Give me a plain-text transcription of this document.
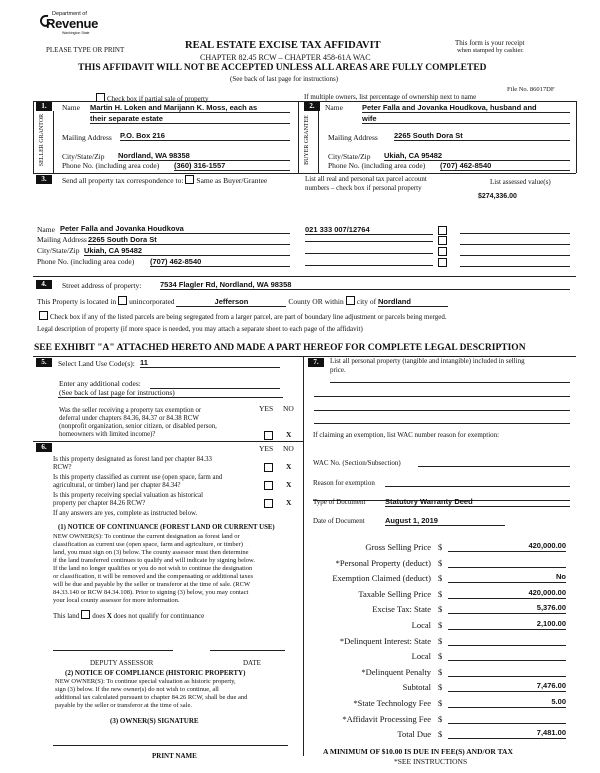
Department of
Revenue
Washington State
PLEASE TYPE OR PRINT	REAL ESTATE EXCISE TAX AFFIDAVIT
CHAPTER 82.45 RCW – CHAPTER 458-61A WAC
THIS AFFIDAVIT WILL NOT BE ACCEPTED UNLESS ALL AREAS ARE FULLY COMPLETED
(See back of last page for instructions)
This form is your receipt
when stamped by cashier.
File No. 86017DF
Check box if partial sale of property	If multiple owners, list percentage of ownership next to name
1.
SELLER GRANTOR
Name Martin H. Loken and Marijann K. Moss, each as
their separate estate
Mailing Address P.O. Box 216
City/State/Zip Nordland, WA 98358
Phone No. (including area code) (360) 316-1557
2.
BUYER GRANTEE
Name	Peter Falla and Jovanka Houdkova, husband and
wife
Mailing Address 2265 South Dora St
City/State/Zip Ukiah, CA 95482
Phone No. (including area code) (707) 462-8540
3.	Send all property tax correspondence to: Same as Buyer/Grantee
Name Peter Falla and Jovanka Houdkova
Mailing Address 2265 South Dora St
City/State/Zip Ukiah, CA 95482
Phone No. (including area code) (707) 462-8540
List all real and personal tax parcel account
numbers – check box if personal property
List assessed value(s)
$274,336.00
021 333 007/12764
4.	Street address of property: 7534 Flagler Rd, Nordland, WA 98358
This Property is located in unincorporated	Jefferson	County OR within city of Nordland
Check box if any of the listed parcels are being segregated from a larger parcel, are part of boundary line adjustment or parcels being merged.
Legal description of property (if more space is needed, you may attach a separate sheet to each page of the affidavit)
SEE EXHIBIT "A" ATTACHED HERETO AND MADE A PART HEREOF FOR COMPLETE LEGAL DESCRIPTION
5.	Select Land Use Code(s): 11
Enter any additional codes:
(See back of last page for instructions)
YES NO
Was the seller receiving a property tax exemption or
deferral under chapters 84.36, 84.37 or 84.38 RCW
(nonprofit organization, senior citizen, or disabled person,
homeowners with limited income)?	X
6.	YES NO
Is this property designated as forest land per chapter 84.33
RCW?	X
Is this property classified as current use (open space, farm and
agricultural, or timber) land per chapter 84.34?	X
Is this property receiving special valuation as historical
property per chapter 84.26 RCW?	X
If any answers are yes, complete as instructed below.
(1) NOTICE OF CONTINUANCE (FOREST LAND OR CURRENT USE)
NEW OWNER(S): To continue the current designation as forest land or
classification as current use (open space, farm and agriculture, or timber)
land, you must sign on (3) below. The county assessor must then determine
if the land transferred continues to qualify and will indicate by signing below.
If the land no longer qualifies or you do not wish to continue the designation
or classification, it will be removed and the compensating or additional taxes
will be due and payable by the seller or transferor at the time of sale. (RCW
84.33.140 or RCW 84.34.108). Prior to signing (3) below, you may contact
your local county assessor for more information.
This land does X does not qualify for continuance
DEPUTY ASSESSOR	DATE
(2) NOTICE OF COMPLIANCE (HISTORIC PROPERTY)
NEW OWNER(S): To continue special valuation as historic property,
sign (3) below. If the new owner(s) do not wish to continue, all
additional tax calculated pursuant to chapter 84.26 RCW, shall be due and
payable by the seller or transferor at the time of sale.
(3) OWNER(S) SIGNATURE
PRINT NAME
7.	List all personal property (tangible and intangible) included in selling
price.
If claiming an exemption, list WAC number reason for exemption:
WAC No. (Section/Subsection)
Reason for exemption
Type of Document	Statutory Warranty Deed
Date of Document	August 1, 2019
Gross Selling Price $	420,000.00
*Personal Property (deduct) $
Exemption Claimed (deduct) $	No
Taxable Selling Price $	420,000.00
Excise Tax: State $	5,376.00
Local $	2,100.00
*Delinquent Interest: State $
Local $
*Delinquent Penalty $
Subtotal $	7,476.00
*State Technology Fee $	5.00
*Affidavit Processing Fee $
Total Due $	7,481.00
A MINIMUM OF $10.00 IS DUE IN FEE(S) AND/OR TAX
*SEE INSTRUCTIONS
